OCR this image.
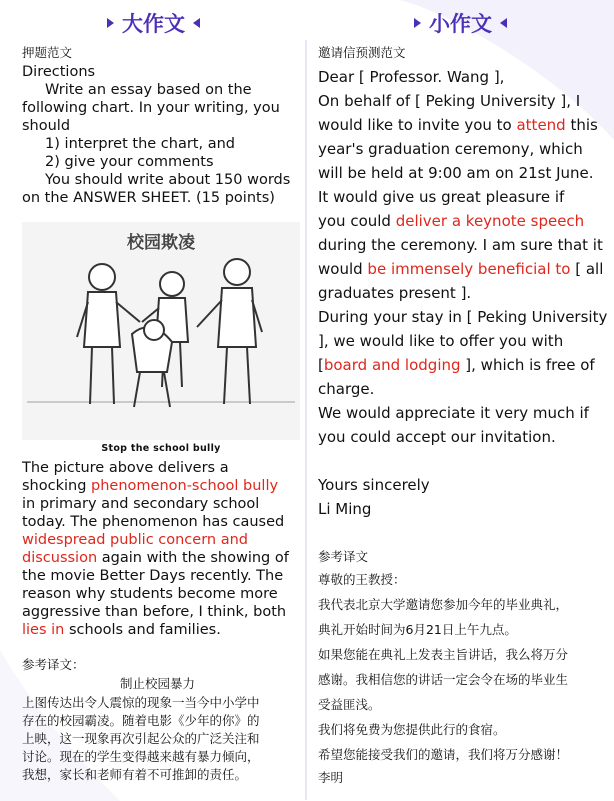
大作文
押题范文
Directions
Write an essay based on the
following chart. In your writing, you
should
1) interpret the chart, and
2) give your comments
You should write about 150 words
on the ANSWER SHEET. (15 points)
校园欺凌
Stop the school bully
The picture above delivers a
shocking phenomenon-school bully
in primary and secondary school
today. The phenomenon has caused
widespread public concern and
discussion again with the showing of
the movie Better Days recently. The
reason why students become more
aggressive than before, I think, both
lies in schools and families.
参考译文：
制止校园暴力
上图传达出令人震惊的现象一当今中小学中
存在的校园霸凌。随着电影《少年的你》的
上映，这一现象再次引起公众的广泛关注和
讨论。现在的学生变得越来越有暴力倾向，
我想，家长和老师有着不可推卸的责任。
小作文
邀请信预测范文
Dear [ Professor. Wang ],
On behalf of [ Peking University ], I
would like to invite you to attend this
year's graduation ceremony, which
will be held at 9:00 am on 21st June.
It would give us great pleasure if
you could deliver a keynote speech
during the ceremony. I am sure that it
would be immensely beneficial to [ all
graduates present ].
During your stay in [ Peking University
], we would like to offer you with
[board and lodging ], which is free of
charge.
We would appreciate it very much if
you could accept our invitation.
Yours sincerely
Li Ming
参考译文
尊敬的王教授：
我代表北京大学邀请您参加今年的毕业典礼，
典礼开始时间为6月21日上午九点。
如果您能在典礼上发表主旨讲话，我么将万分
感谢。我相信您的讲话一定会令在场的毕业生
受益匪浅。
我们将免费为您提供此行的食宿。
希望您能接受我们的邀请，我们将万分感谢！
李明
